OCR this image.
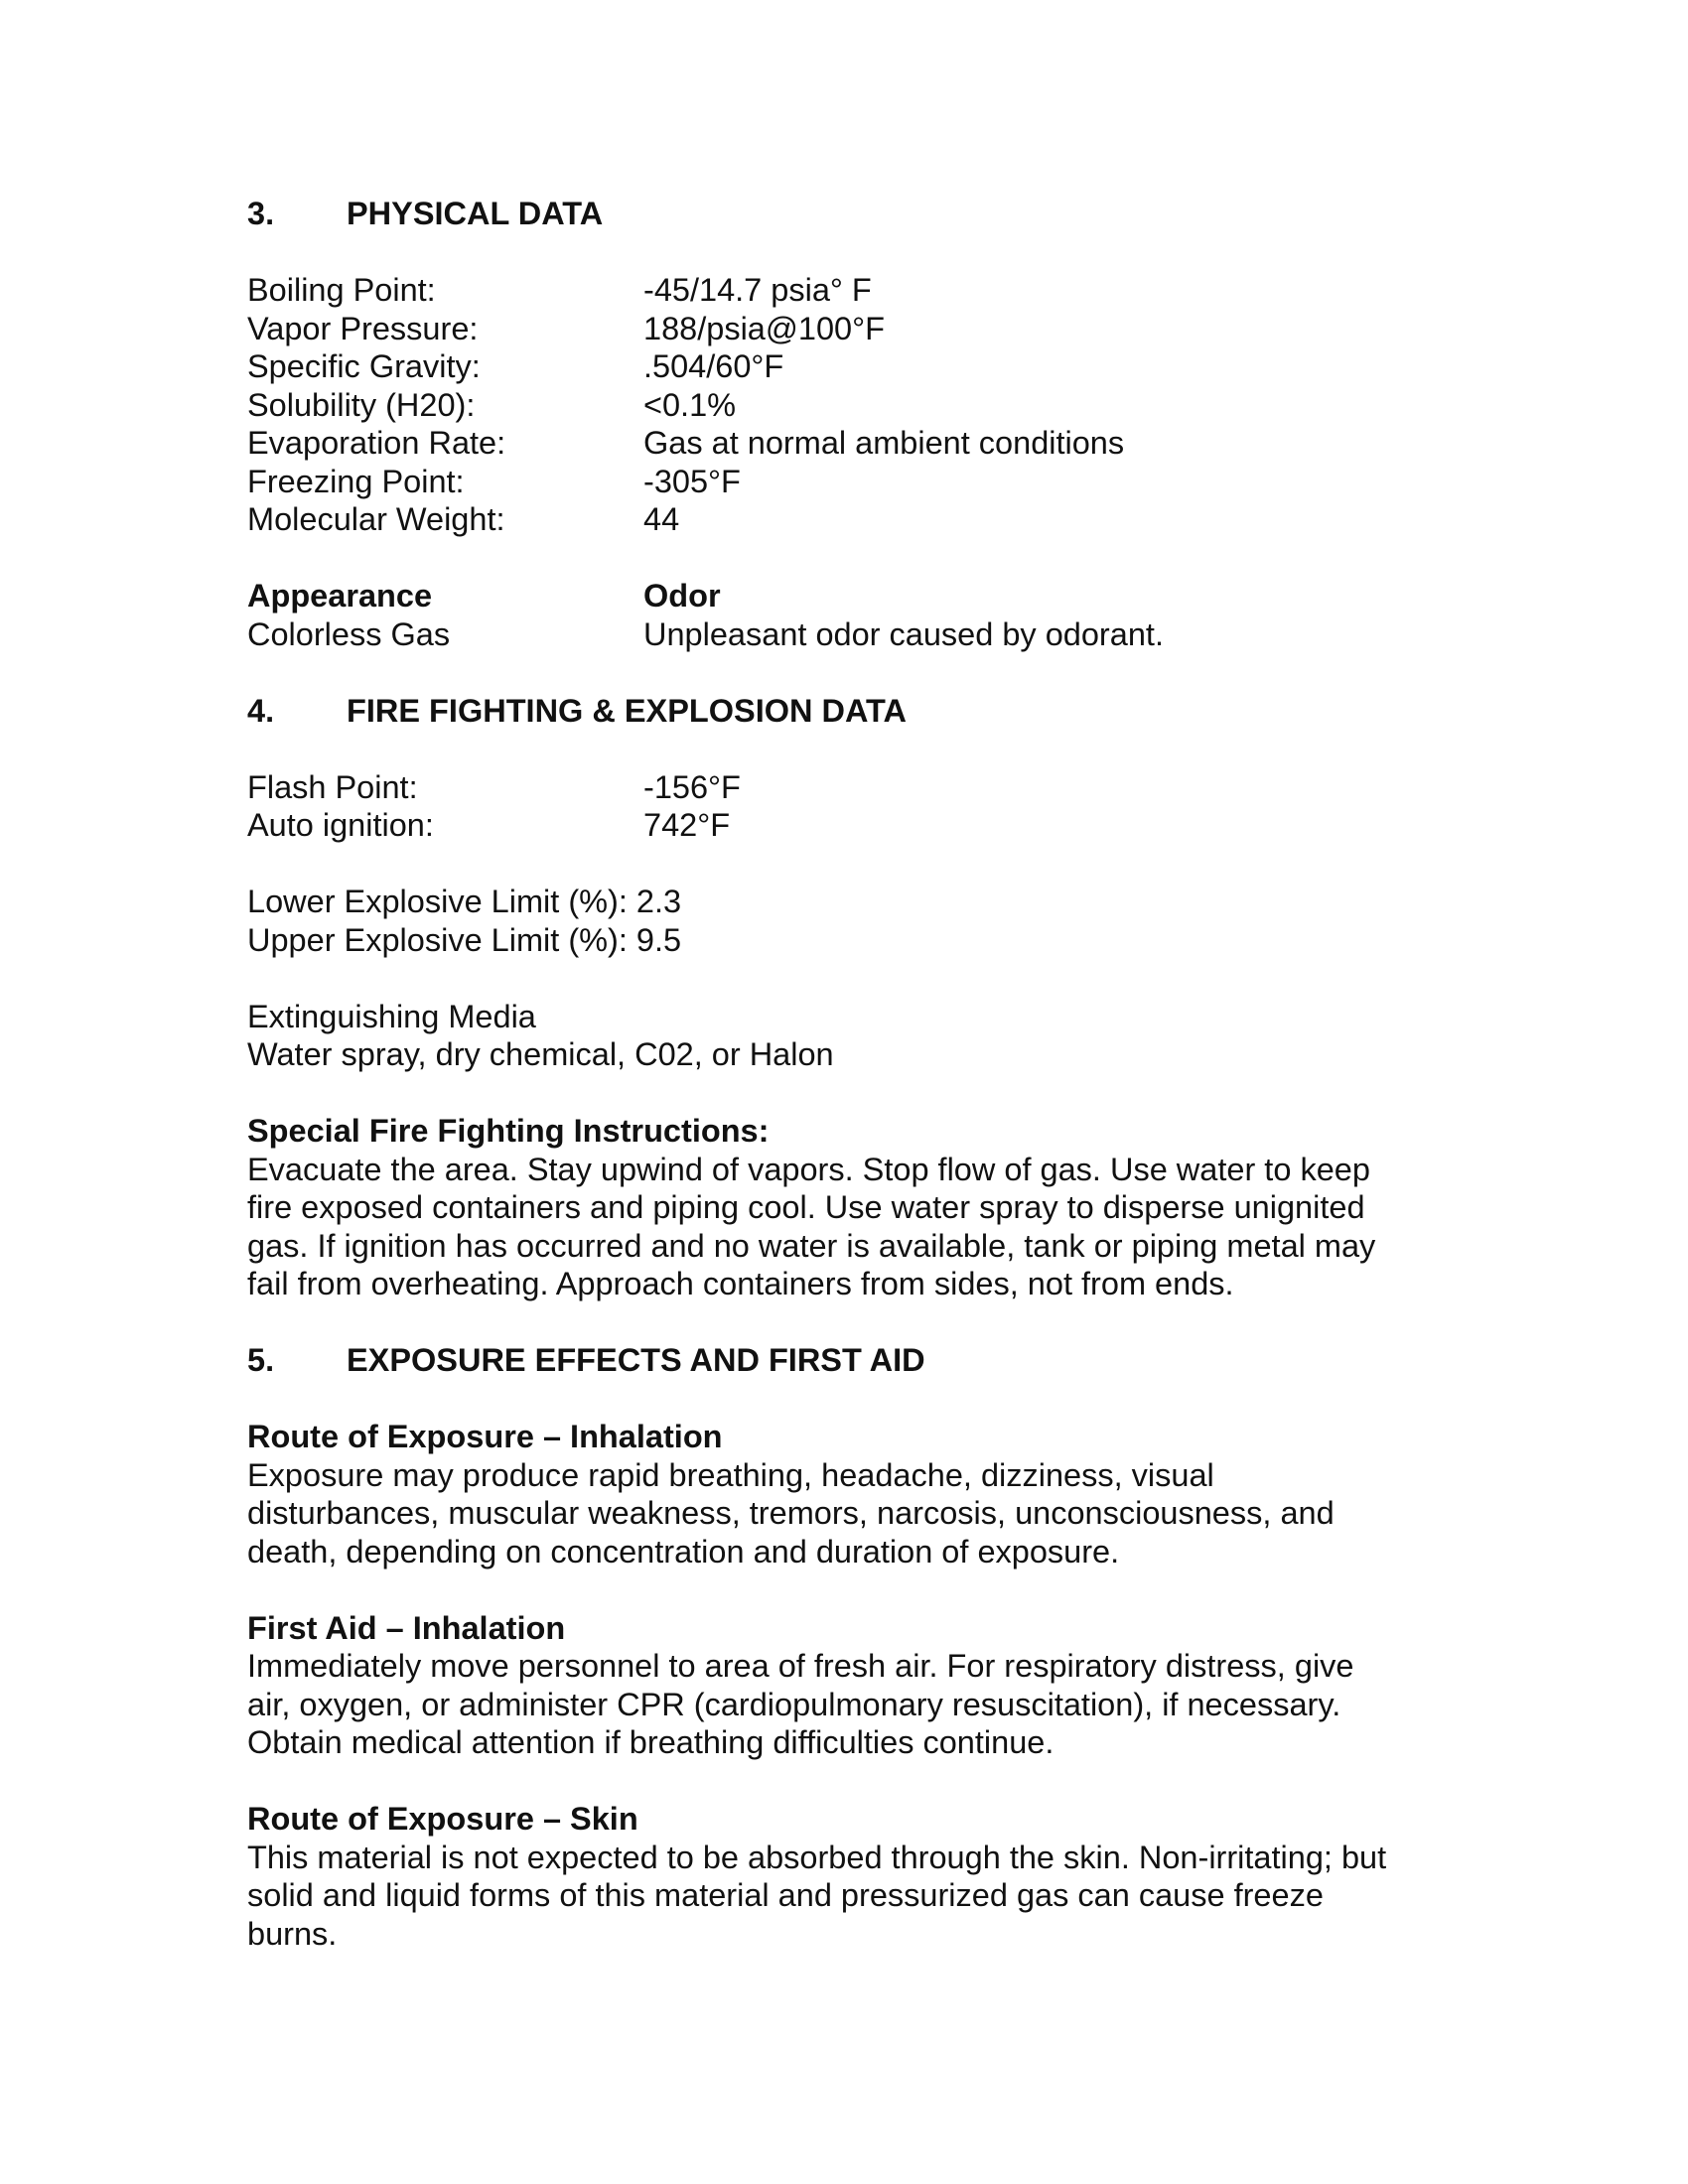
3.	PHYSICAL DATA
Boiling Point:	-45/14.7 psia° F
Vapor Pressure:	188/psia@100°F
Specific Gravity:	.504/60°F
Solubility (H20):	<0.1%
Evaporation Rate:	Gas at normal ambient conditions
Freezing Point:	-305°F
Molecular Weight:	44
Appearance	Odor
Colorless Gas	Unpleasant odor caused by odorant.
4.	FIRE FIGHTING & EXPLOSION DATA
Flash Point:	-156°F
Auto ignition:	742°F
Lower Explosive Limit (%): 2.3
Upper Explosive Limit (%): 9.5
Extinguishing Media
Water spray, dry chemical, C02, or Halon
Special Fire Fighting Instructions:
Evacuate the area. Stay upwind of vapors. Stop flow of gas. Use water to keep
fire exposed containers and piping cool. Use water spray to disperse unignited
gas. If ignition has occurred and no water is available, tank or piping metal may
fail from overheating. Approach containers from sides, not from ends.
5.	EXPOSURE EFFECTS AND FIRST AID
Route of Exposure – Inhalation
Exposure may produce rapid breathing, headache, dizziness, visual
disturbances, muscular weakness, tremors, narcosis, unconsciousness, and
death, depending on concentration and duration of exposure.
First Aid – Inhalation
Immediately move personnel to area of fresh air. For respiratory distress, give
air, oxygen, or administer CPR (cardiopulmonary resuscitation), if necessary.
Obtain medical attention if breathing difficulties continue.
Route of Exposure – Skin
This material is not expected to be absorbed through the skin. Non-irritating; but
solid and liquid forms of this material and pressurized gas can cause freeze
burns.
